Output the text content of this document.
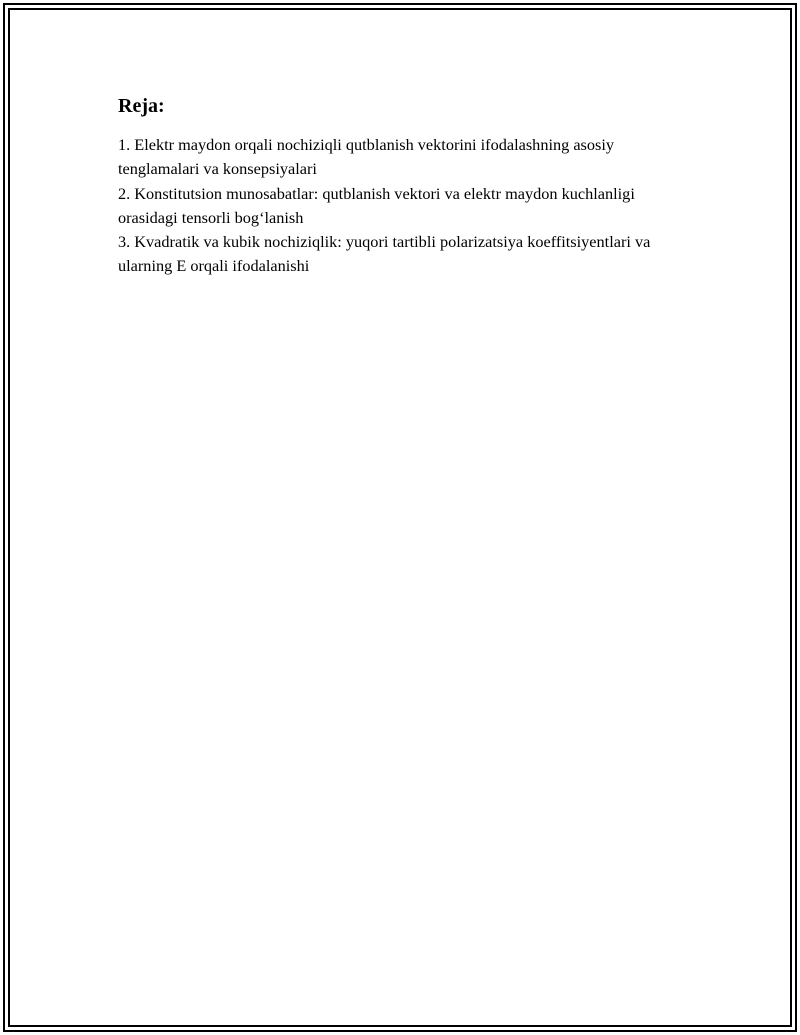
Reja:
1. Elektr maydon orqali nochiziqli qutblanish vektorini ifodalashning asosiy tenglamalari va konsepsiyalari
2. Konstitutsion munosabatlar: qutblanish vektori va elektr maydon kuchlanligi orasidagi tensorli bog‘lanish
3. Kvadratik va kubik nochiziqlik: yuqori tartibli polarizatsiya koeffitsiyentlari va ularning E orqali ifodalanishi
